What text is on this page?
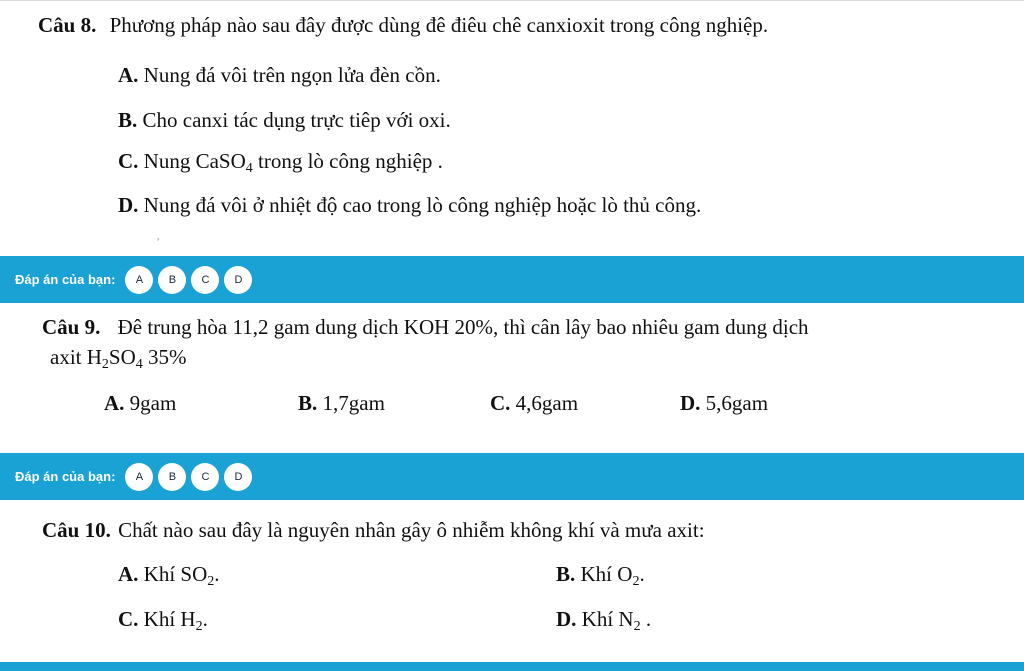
Câu 8. Phương pháp nào sau đây được dùng đê điêu chê canxioxit trong công nghiệp.
A. Nung đá vôi trên ngọn lửa đèn cồn.
B. Cho canxi tác dụng trực tiêp với oxi.
C. Nung CaSO$_4$ trong lò công nghiệp .
D. Nung đá vôi ở nhiệt độ cao trong lò công nghiệp hoặc lò thủ công.
˒
Đáp án của bạn:	A	B	C	D
Câu 9. Đê trung hòa 11,2 gam dung dịch KOH 20%, thì cân lây bao nhiêu gam dung dịch
axit $H_2SO_4$ 35%
A. 9gam	B. 1,7gam	C. 4,6gam	D. 5,6gam
Đáp án của bạn:	A	B	C	D
Câu 10. Chất nào sau đây là nguyên nhân gây ô nhiễm không khí và mưa axit:
A. Khí $SO_2$.	B. Khí $O_2$.
C. Khí $H_2$.	D. Khí $N_2$ .
